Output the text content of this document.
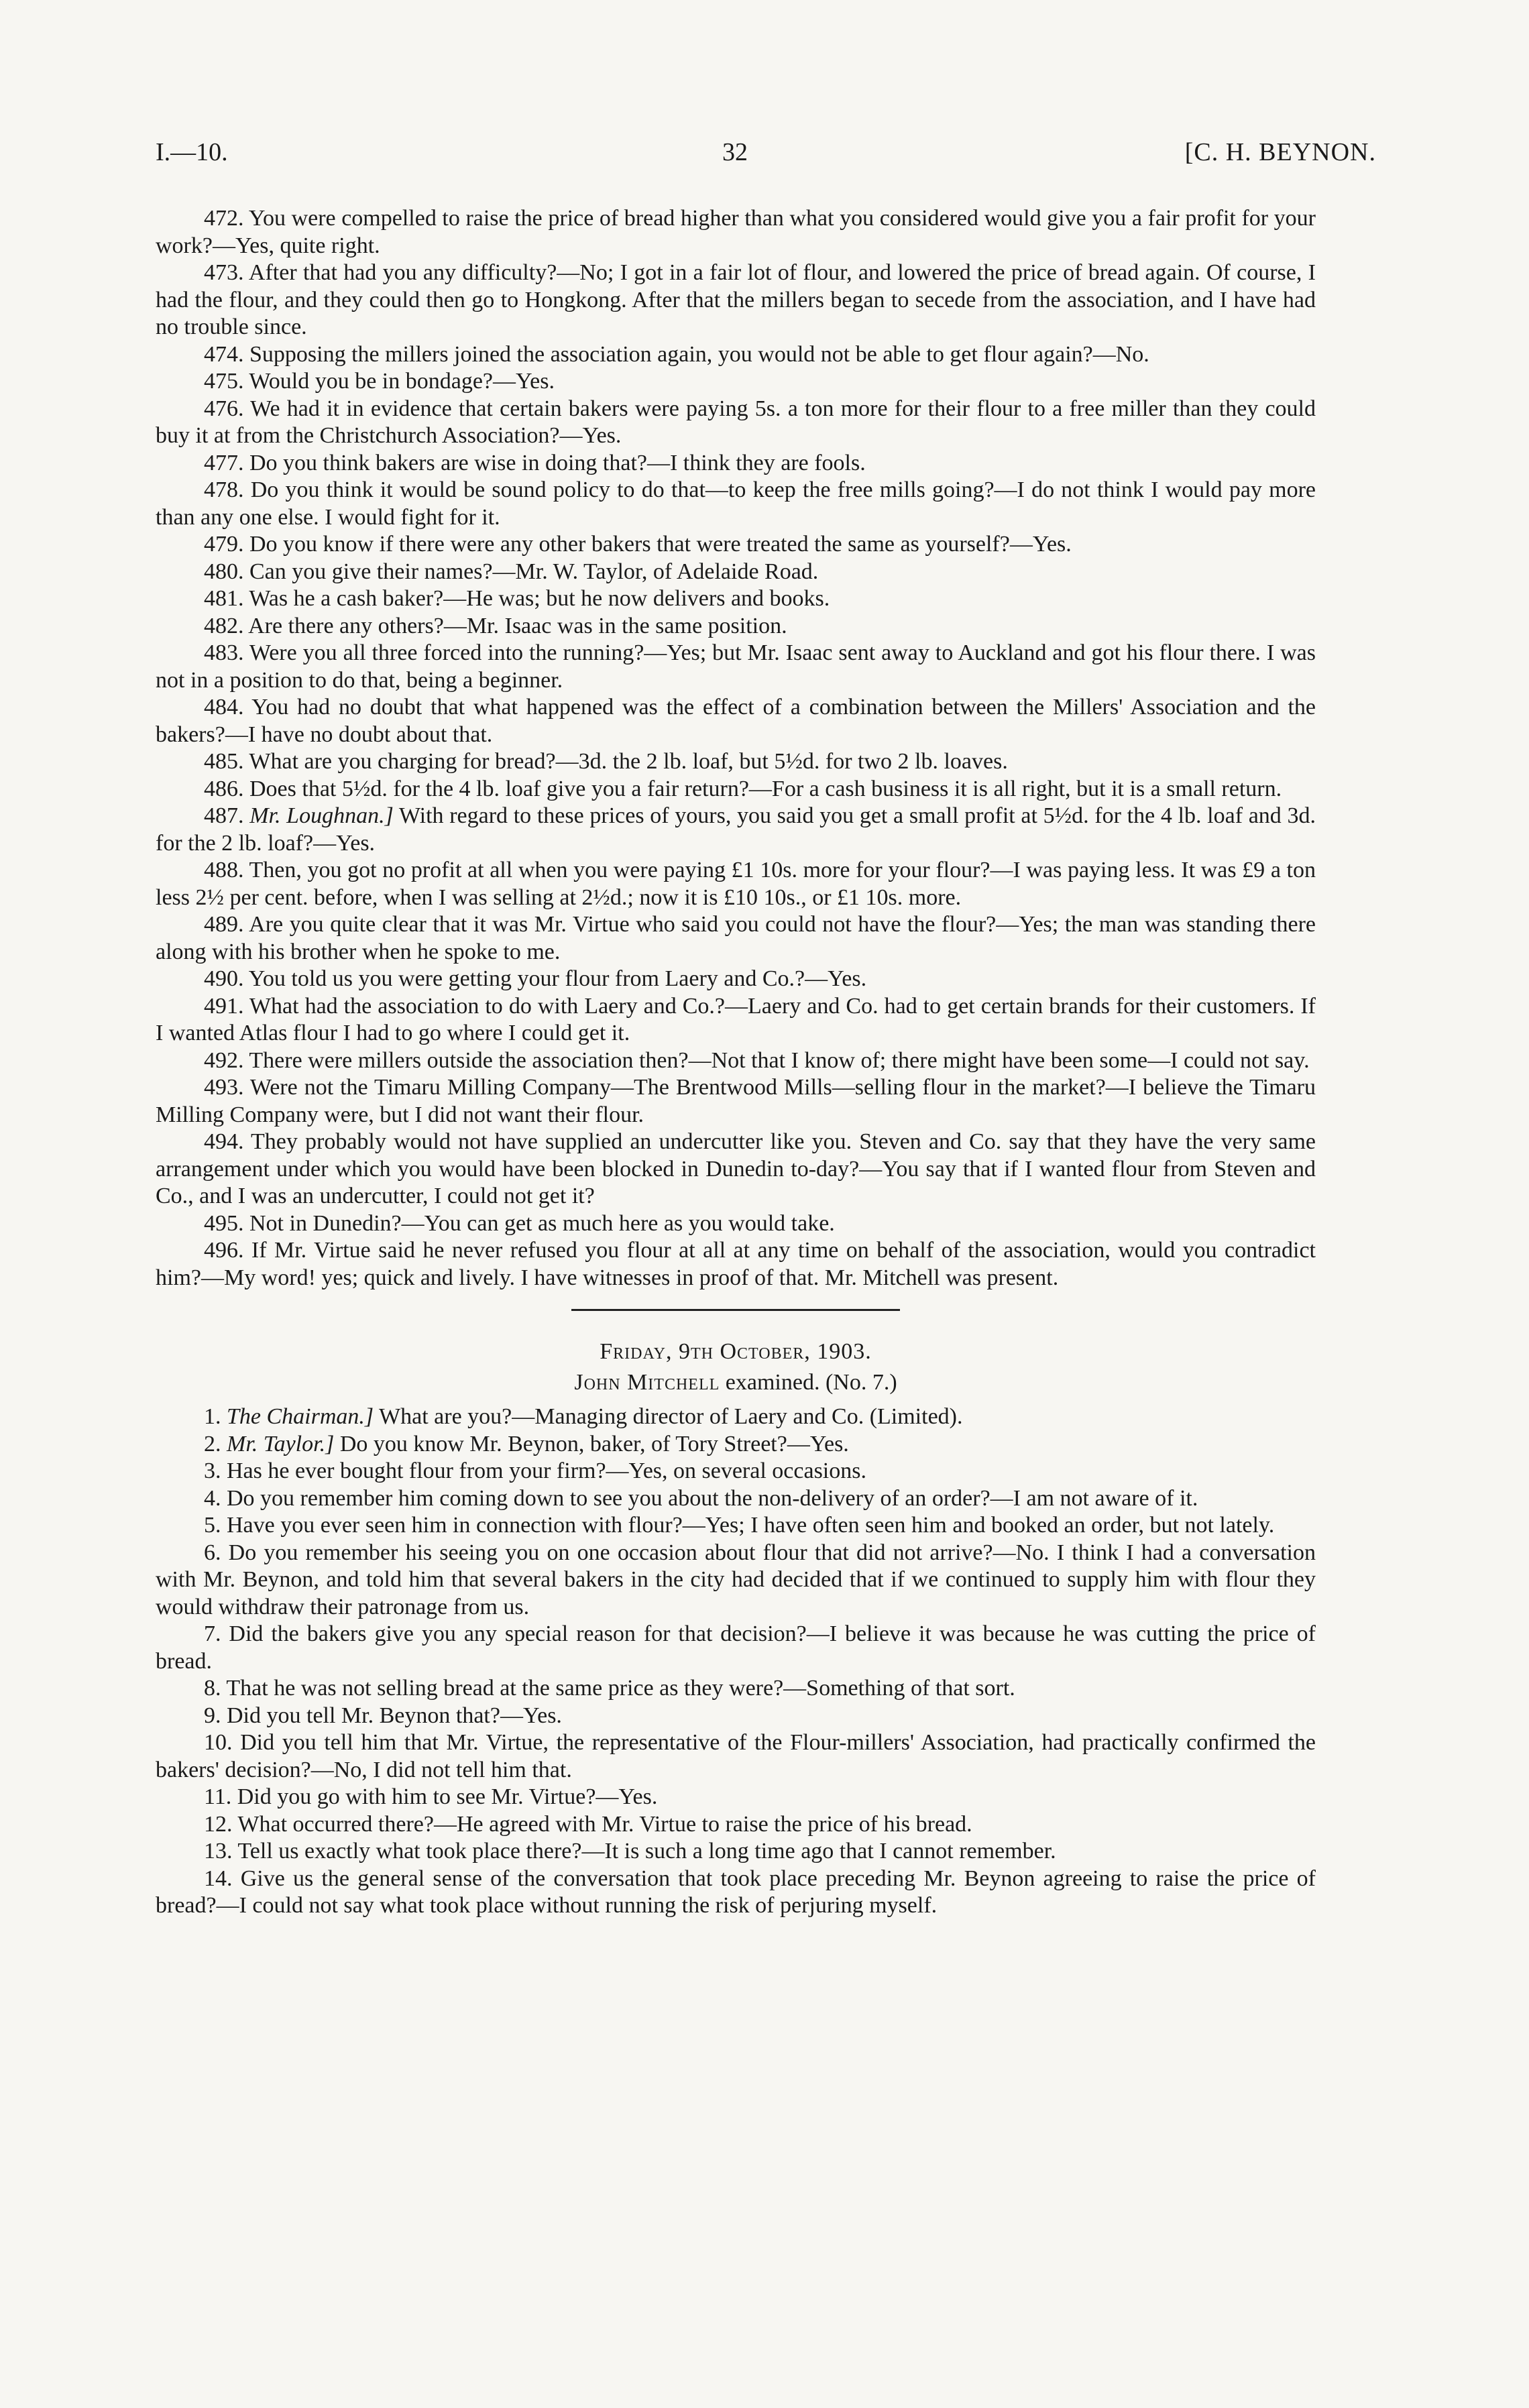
I.—10.	32	[C. H. BEYNON.

472. You were compelled to raise the price of bread higher than what you considered would give you a fair profit for your work?—Yes, quite right.

473. After that had you any difficulty?—No; I got in a fair lot of flour, and lowered the price of bread again. Of course, I had the flour, and they could then go to Hongkong. After that the millers began to secede from the association, and I have had no trouble since.

474. Supposing the millers joined the association again, you would not be able to get flour again?—No.

475. Would you be in bondage?—Yes.

476. We had it in evidence that certain bakers were paying 5s. a ton more for their flour to a free miller than they could buy it at from the Christchurch Association?—Yes.

477. Do you think bakers are wise in doing that?—I think they are fools.

478. Do you think it would be sound policy to do that—to keep the free mills going?—I do not think I would pay more than any one else. I would fight for it.

479. Do you know if there were any other bakers that were treated the same as yourself?—Yes.

480. Can you give their names?—Mr. W. Taylor, of Adelaide Road.

481. Was he a cash baker?—He was; but he now delivers and books.

482. Are there any others?—Mr. Isaac was in the same position.

483. Were you all three forced into the running?—Yes; but Mr. Isaac sent away to Auckland and got his flour there. I was not in a position to do that, being a beginner.

484. You had no doubt that what happened was the effect of a combination between the Millers' Association and the bakers?—I have no doubt about that.

485. What are you charging for bread?—3d. the 2 lb. loaf, but 5½d. for two 2 lb. loaves.

486. Does that 5½d. for the 4 lb. loaf give you a fair return?—For a cash business it is all right, but it is a small return.

487. Mr. Loughnan.] With regard to these prices of yours, you said you get a small profit at 5½d. for the 4 lb. loaf and 3d. for the 2 lb. loaf?—Yes.

488. Then, you got no profit at all when you were paying £1 10s. more for your flour?—I was paying less. It was £9 a ton less 2½ per cent. before, when I was selling at 2½d.; now it is £10 10s., or £1 10s. more.

489. Are you quite clear that it was Mr. Virtue who said you could not have the flour?—Yes; the man was standing there along with his brother when he spoke to me.

490. You told us you were getting your flour from Laery and Co.?—Yes.

491. What had the association to do with Laery and Co.?—Laery and Co. had to get certain brands for their customers. If I wanted Atlas flour I had to go where I could get it.

492. There were millers outside the association then?—Not that I know of; there might have been some—I could not say.

493. Were not the Timaru Milling Company—The Brentwood Mills—selling flour in the market?—I believe the Timaru Milling Company were, but I did not want their flour.

494. They probably would not have supplied an undercutter like you. Steven and Co. say that they have the very same arrangement under which you would have been blocked in Dunedin to-day?—You say that if I wanted flour from Steven and Co., and I was an undercutter, I could not get it?

495. Not in Dunedin?—You can get as much here as you would take.

496. If Mr. Virtue said he never refused you flour at all at any time on behalf of the association, would you contradict him?—My word! yes; quick and lively. I have witnesses in proof of that. Mr. Mitchell was present.

Friday, 9th October, 1903.

John Mitchell examined. (No. 7.)

1. The Chairman.] What are you?—Managing director of Laery and Co. (Limited).

2. Mr. Taylor.] Do you know Mr. Beynon, baker, of Tory Street?—Yes.

3. Has he ever bought flour from your firm?—Yes, on several occasions.

4. Do you remember him coming down to see you about the non-delivery of an order?—I am not aware of it.

5. Have you ever seen him in connection with flour?—Yes; I have often seen him and booked an order, but not lately.

6. Do you remember his seeing you on one occasion about flour that did not arrive?—No. I think I had a conversation with Mr. Beynon, and told him that several bakers in the city had decided that if we continued to supply him with flour they would withdraw their patronage from us.

7. Did the bakers give you any special reason for that decision?—I believe it was because he was cutting the price of bread.

8. That he was not selling bread at the same price as they were?—Something of that sort.

9. Did you tell Mr. Beynon that?—Yes.

10. Did you tell him that Mr. Virtue, the representative of the Flour-millers' Association, had practically confirmed the bakers' decision?—No, I did not tell him that.

11. Did you go with him to see Mr. Virtue?—Yes.

12. What occurred there?—He agreed with Mr. Virtue to raise the price of his bread.

13. Tell us exactly what took place there?—It is such a long time ago that I cannot remember.

14. Give us the general sense of the conversation that took place preceding Mr. Beynon agreeing to raise the price of bread?—I could not say what took place without running the risk of perjuring myself.
